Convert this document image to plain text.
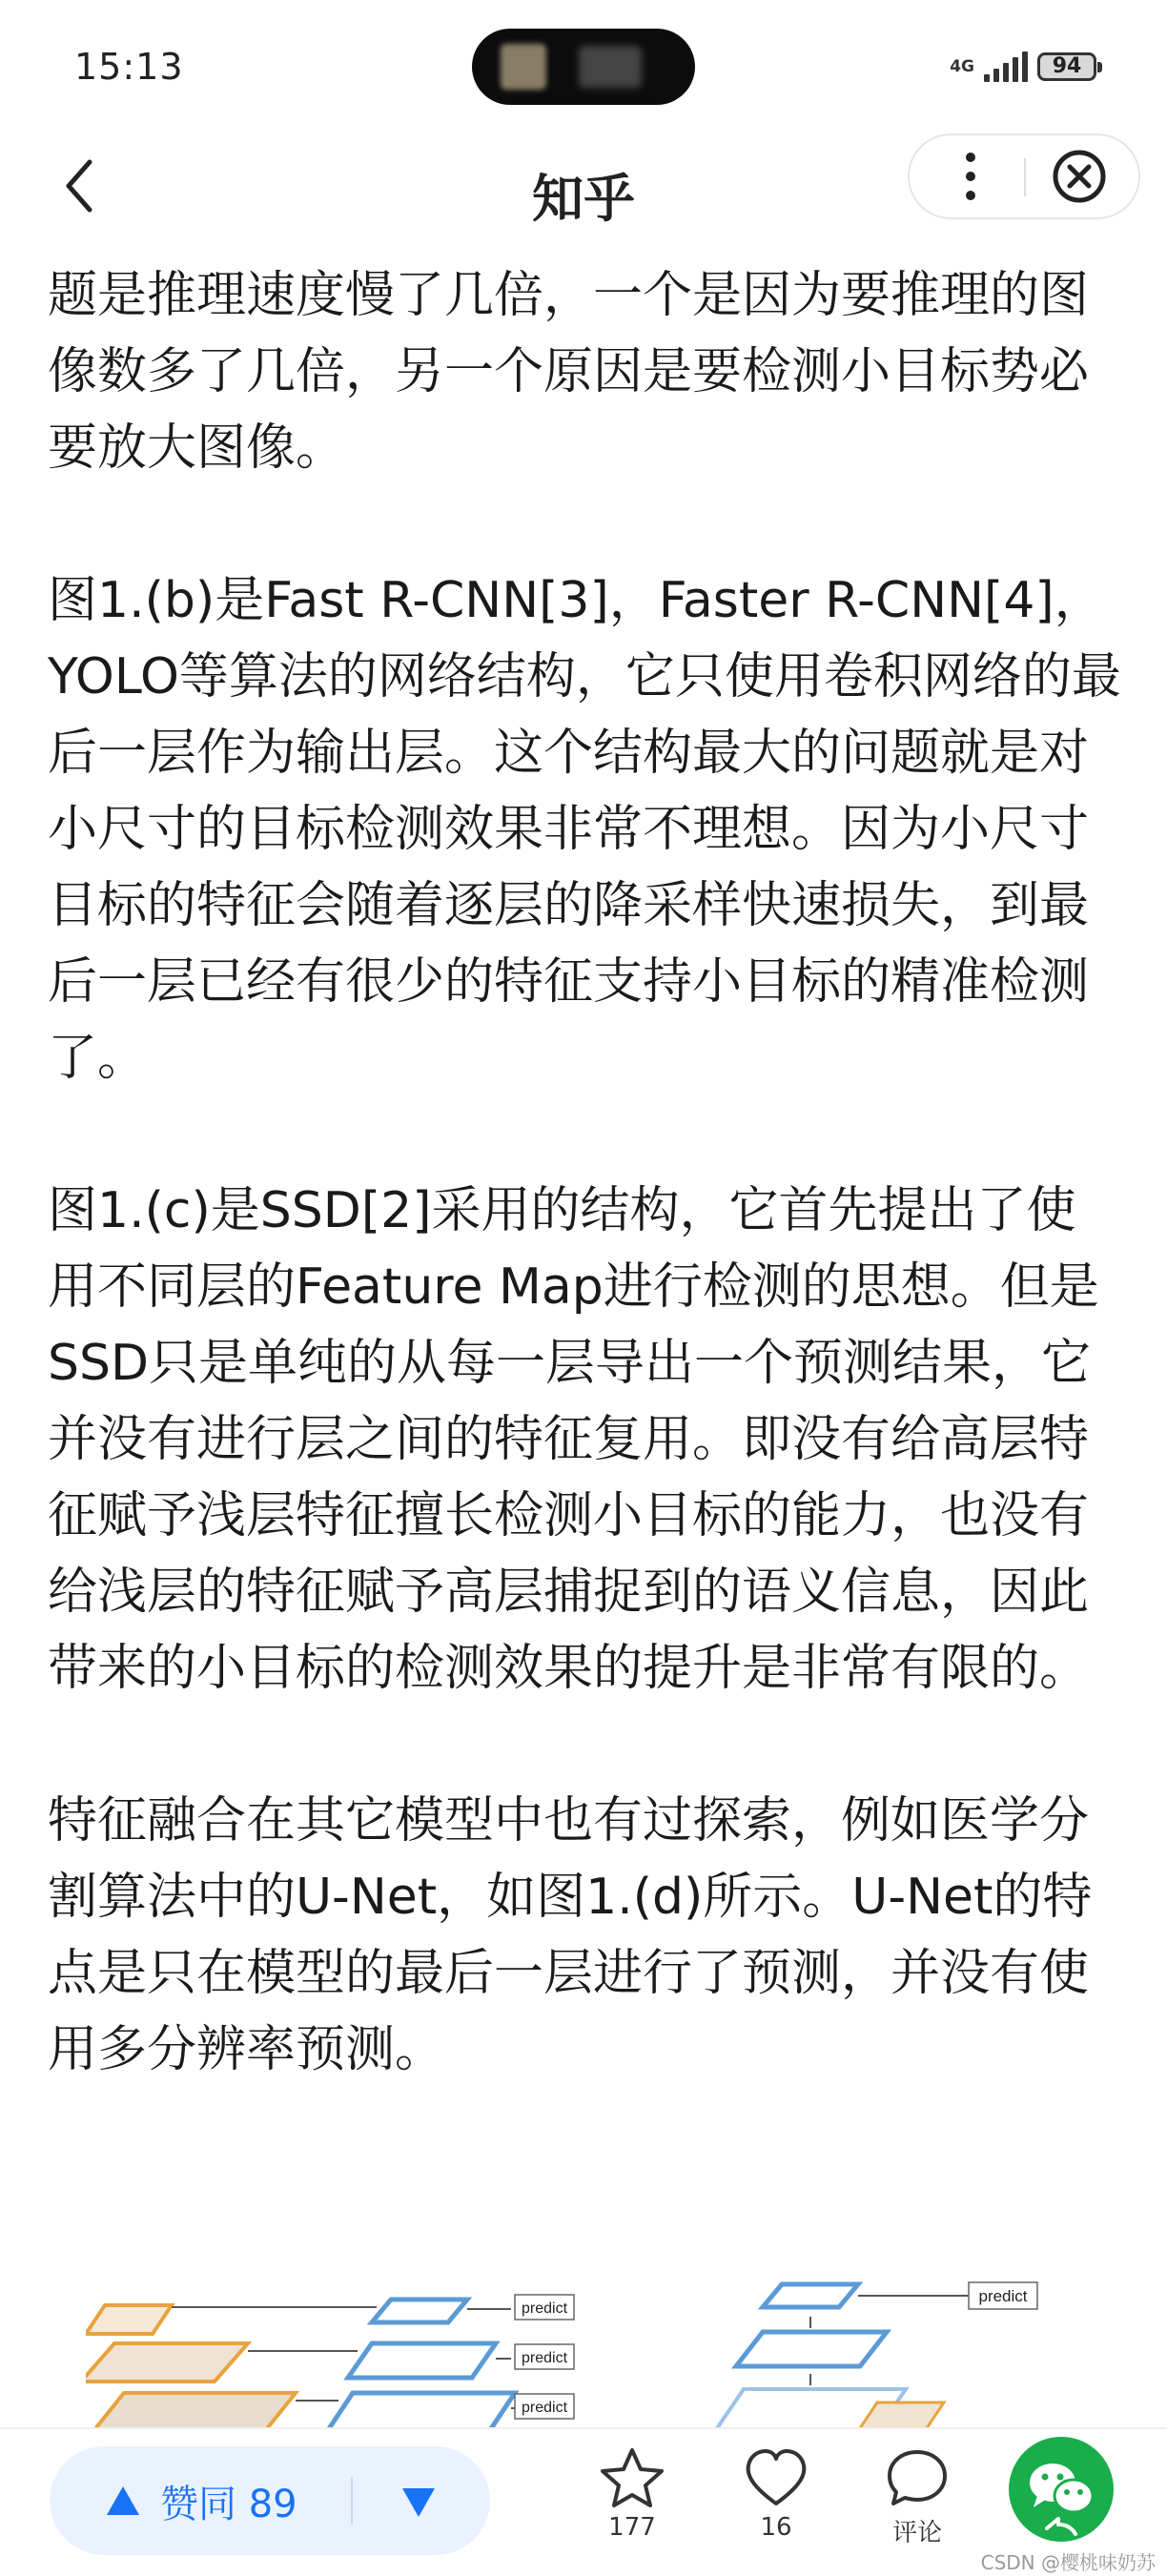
15:13	4G	94
知乎

题是推理速度慢了几倍，一个是因为要推理的图像数多了几倍，另一个原因是要检测小目标势必要放大图像。

图1.(b)是Fast R-CNN[3]，Faster R-CNN[4]，YOLO等算法的网络结构，它只使用卷积网络的最后一层作为输出层。这个结构最大的问题就是对小尺寸的目标检测效果非常不理想。因为小尺寸目标的特征会随着逐层的降采样快速损失，到最后一层已经有很少的特征支持小目标的精准检测了。

图1.(c)是SSD[2]采用的结构，它首先提出了使用不同层的Feature Map进行检测的思想。但是SSD只是单纯的从每一层导出一个预测结果，它并没有进行层之间的特征复用。即没有给高层特征赋予浅层特征擅长检测小目标的能力，也没有给浅层的特征赋予高层捕捉到的语义信息，因此带来的小目标的检测效果的提升是非常有限的。

特征融合在其它模型中也有过探索，例如医学分割算法中的U-Net，如图1.(d)所示。U-Net的特点是只在模型的最后一层进行了预测，并没有使用多分辨率预测。

predict
predict
predict
predict
赞同 89
177	16	评论
CSDN @樱桃味奶苏
